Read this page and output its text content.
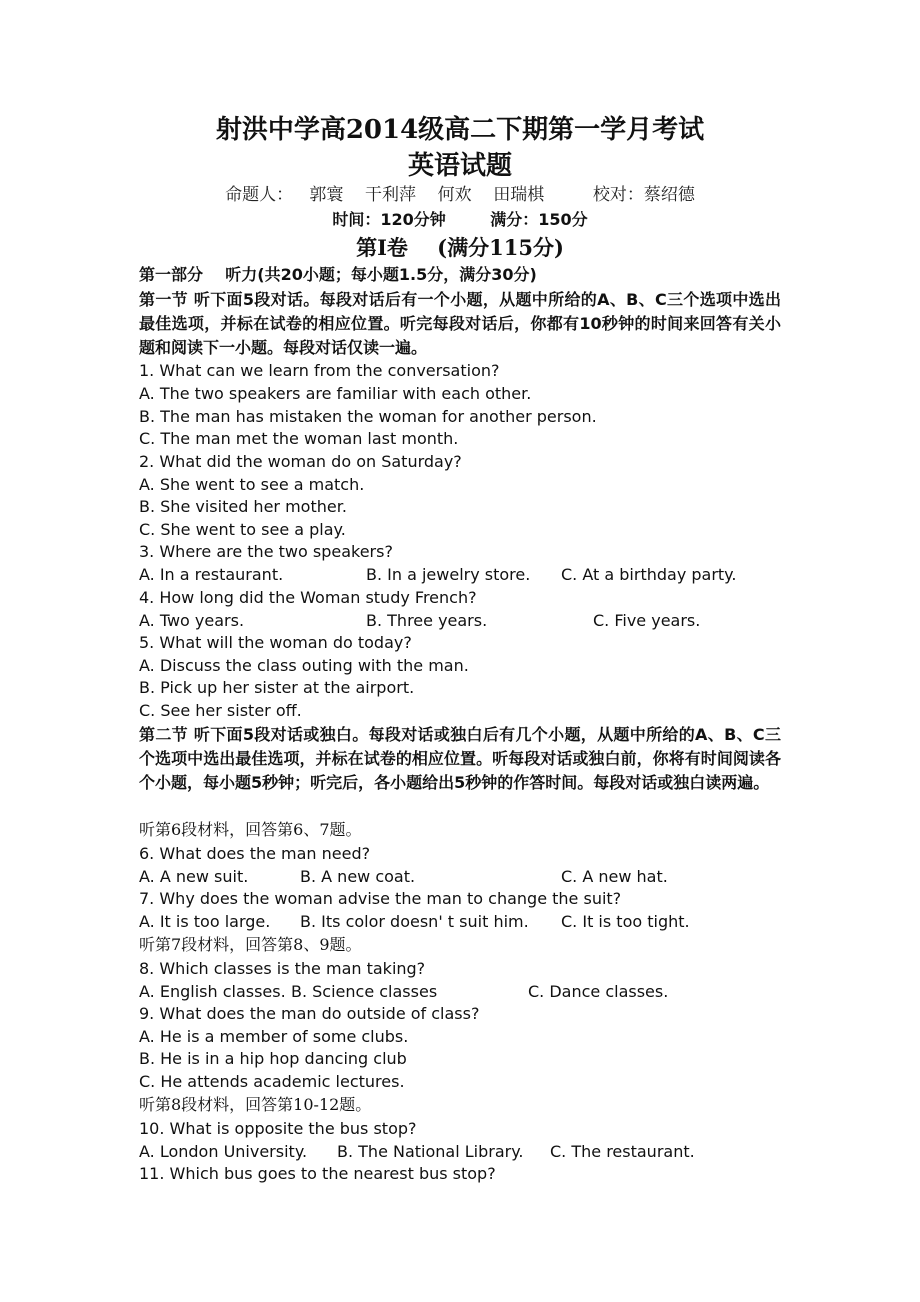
射洪中学高2014级高二下期第一学月考试
英语试题
命题人：   郭寰    干利萍    何欢    田瑞棋         校对：蔡绍德
时间：120分钟        满分：150分
第I卷    (满分115分)
第一部分    听力(共20小题；每小题1.5分，满分30分)
第一节 听下面5段对话。每段对话后有一个小题，从题中所给的A、B、C三个选项中选出最佳选项，并标在试卷的相应位置。听完每段对话后，你都有10秒钟的时间来回答有关小题和阅读下一小题。每段对话仅读一遍。
1. What can we learn from the conversation?
A. The two speakers are familiar with each other.
B. The man has mistaken the woman for another person.
C. The man met the woman last month.
2. What did the woman do on Saturday?
A. She went to see a match.
B. She visited her mother.
C. She went to see a play.
3. Where are the two speakers?
A. In a restaurant.	B. In a jewelry store. C. At a birthday party.
4. How long did the Woman study French?
A. Two years.	B. Three years.	C. Five years.
5. What will the woman do today?
A. Discuss the class outing with the man.
B. Pick up her sister at the airport.
C. See her sister off.
第二节 听下面5段对话或独白。每段对话或独白后有几个小题，从题中所给的A、B、C三个选项中选出最佳选项，并标在试卷的相应位置。听每段对话或独白前，你将有时间阅读各个小题，每小题5秒钟；听完后，各小题给出5秒钟的作答时间。每段对话或独白读两遍。
听第6段材料，回答第6、7题。
6. What does the man need?
A. A new suit.	B. A new coat.	C. A new hat.
7. Why does the woman advise the man to change the suit?
A. It is too large. B. Its color doesn' t suit him. C. It is too tight.
听第7段材料，回答第8、9题。
8. Which classes is the man taking?
A. English classes. B. Science classes	C. Dance classes.
9. What does the man do outside of class?
A. He is a member of some clubs.
B. He is in a hip hop dancing club
C. He attends academic lectures.
听第8段材料，回答第10-12题。
10. What is opposite the bus stop?
A. London University. B. The National Library. C. The restaurant.
11. Which bus goes to the nearest bus stop?
